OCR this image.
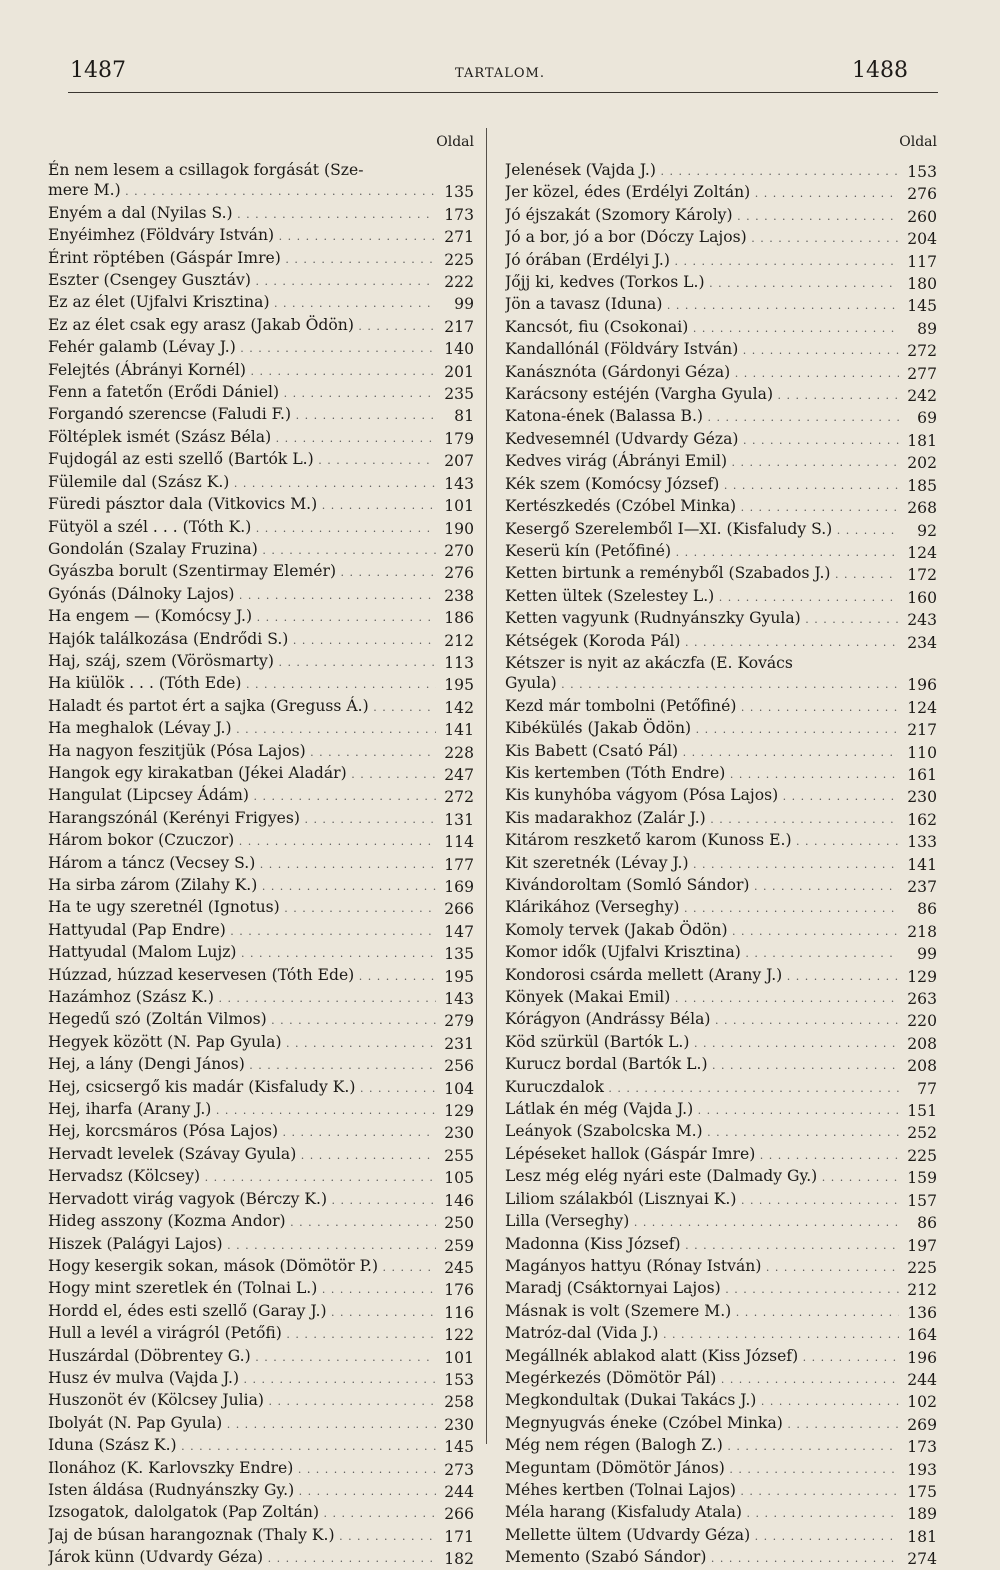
1487	TARTALOM.	1488
Oldal
Én nem lesem a csillagok forgását (Sze-
mere M.) . . .	135
Enyém a dal (Nyilas S.) . . .	173
Enyéimhez (Földváry István) . . .	271
Érint röptében (Gáspár Imre) . . .	225
Eszter (Csengey Gusztáv) . . .	222
Ez az élet (Ujfalvi Krisztina) . . .	99
Ez az élet csak egy arasz (Jakab Ödön) . . .	217
Fehér galamb (Lévay J.) . . .	140
Felejtés (Ábrányi Kornél) . . .	201
Fenn a fatetőn (Erődi Dániel) . . .	235
Forgandó szerencse (Faludi F.) . . .	81
Föltéplek ismét (Szász Béla) . . .	179
Fujdogál az esti szellő (Bartók L.) . . .	207
Fülemile dal (Szász K.) . . .	143
Füredi pásztor dala (Vitkovics M.) . . .	101
Fütyöl a szél . . . (Tóth K.) . . .	190
Gondolán (Szalay Fruzina) . . .	270
Gyászba borult (Szentirmay Elemér) . . .	276
Gyónás (Dálnoky Lajos) . . .	238
Ha engem — (Komócsy J.) . . .	186
Hajók találkozása (Endrődi S.) . . .	212
Haj, száj, szem (Vörösmarty) . . .	113
Ha kiülök . . . (Tóth Ede) . . .	195
Haladt és partot ért a sajka (Greguss Á.) . . .	142
Ha meghalok (Lévay J.) . . .	141
Ha nagyon feszitjük (Pósa Lajos) . . .	228
Hangok egy kirakatban (Jékei Aladár) . . .	247
Hangulat (Lipcsey Ádám) . . .	272
Harangszónál (Kerényi Frigyes) . . .	131
Három bokor (Czuczor) . . .	114
Három a táncz (Vecsey S.) . . .	177
Ha sirba zárom (Zilahy K.) . . .	169
Ha te ugy szeretnél (Ignotus) . . .	266
Hattyudal (Pap Endre) . . .	147
Hattyudal (Malom Lujz) . . .	135
Húzzad, húzzad keservesen (Tóth Ede) . . .	195
Hazámhoz (Szász K.) . . .	143
Hegedű szó (Zoltán Vilmos) . . .	279
Hegyek között (N. Pap Gyula) . . .	231
Hej, a lány (Dengi János) . . .	256
Hej, csicsergő kis madár (Kisfaludy K.) . . .	104
Hej, iharfa (Arany J.) . . .	129
Hej, korcsmáros (Pósa Lajos) . . .	230
Hervadt levelek (Szávay Gyula) . . .	255
Hervadsz (Kölcsey) . . .	105
Hervadott virág vagyok (Bérczy K.) . . .	146
Hideg asszony (Kozma Andor) . . .	250
Hiszek (Palágyi Lajos) . . .	259
Hogy kesergik sokan, mások (Dömötör P.) . . .	245
Hogy mint szeretlek én (Tolnai L.) . . .	176
Hordd el, édes esti szellő (Garay J.) . . .	116
Hull a levél a virágról (Petőfi) . . .	122
Huszárdal (Döbrentey G.) . . .	101
Husz év mulva (Vajda J.) . . .	153
Huszonöt év (Kölcsey Julia) . . .	258
Ibolyát (N. Pap Gyula) . . .	230
Iduna (Szász K.) . . .	145
Ilonához (K. Karlovszky Endre) . . .	273
Isten áldása (Rudnyánszky Gy.) . . .	244
Izsogatok, dalolgatok (Pap Zoltán) . . .	266
Jaj de búsan harangoznak (Thaly K.) . . .	171
Járok künn (Udvardy Géza) . . .	182
Oldal
Jelenések (Vajda J.) . . .	153
Jer közel, édes (Erdélyi Zoltán) . . .	276
Jó éjszakát (Szomory Károly) . . .	260
Jó a bor, jó a bor (Dóczy Lajos) . . .	204
Jó órában (Erdélyi J.) . . .	117
Jőjj ki, kedves (Torkos L.) . . .	180
Jön a tavasz (Iduna) . . .	145
Kancsót, fiu (Csokonai) . . .	89
Kandallónál (Földváry István) . . .	272
Kanásznóta (Gárdonyi Géza) . . .	277
Karácsony estéjén (Vargha Gyula) . . .	242
Katona-ének (Balassa B.) . . .	69
Kedvesemnél (Udvardy Géza) . . .	181
Kedves virág (Ábrányi Emil) . . .	202
Kék szem (Komócsy József) . . .	185
Kertészkedés (Czóbel Minka) . . .	268
Kesergő Szerelemből I—XI. (Kisfaludy S.) . . .	92
Keserü kín (Petőfiné) . . .	124
Ketten birtunk a reményből (Szabados J.) . . .	172
Ketten ültek (Szelestey L.) . . .	160
Ketten vagyunk (Rudnyánszky Gyula) . . .	243
Kétségek (Koroda Pál) . . .	234
Kétszer is nyit az akáczfa (E. Kovács
Gyula) . . .	196
Kezd már tombolni (Petőfiné) . . .	124
Kibékülés (Jakab Ödön) . . .	217
Kis Babett (Csató Pál) . . .	110
Kis kertemben (Tóth Endre) . . .	161
Kis kunyhóba vágyom (Pósa Lajos) . . .	230
Kis madarakhoz (Zalár J.) . . .	162
Kitárom reszkető karom (Kunoss E.) . . .	133
Kit szeretnék (Lévay J.) . . .	141
Kivándoroltam (Somló Sándor) . . .	237
Klárikához (Verseghy) . . .	86
Komoly tervek (Jakab Ödön) . . .	218
Komor idők (Ujfalvi Krisztina) . . .	99
Kondorosi csárda mellett (Arany J.) . . .	129
Könyek (Makai Emil) . . .	263
Kórágyon (Andrássy Béla) . . .	220
Köd szürkül (Bartók L.) . . .	208
Kurucz bordal (Bartók L.) . . .	208
Kuruczdalok . . .	77
Látlak én még (Vajda J.) . . .	151
Leányok (Szabolcska M.) . . .	252
Lépéseket hallok (Gáspár Imre) . . .	225
Lesz még elég nyári este (Dalmady Gy.) . . .	159
Liliom szálakból (Lisznyai K.) . . .	157
Lilla (Verseghy) . . .	86
Madonna (Kiss József) . . .	197
Magányos hattyu (Rónay István) . . .	225
Maradj (Csáktornyai Lajos) . . .	212
Másnak is volt (Szemere M.) . . .	136
Matróz-dal (Vida J.) . . .	164
Megállnék ablakod alatt (Kiss József) . . .	196
Megérkezés (Dömötör Pál) . . .	244
Megkondultak (Dukai Takács J.) . . .	102
Megnyugvás éneke (Czóbel Minka) . . .	269
Még nem régen (Balogh Z.) . . .	173
Meguntam (Dömötör János) . . .	193
Méhes kertben (Tolnai Lajos) . . .	175
Méla harang (Kisfaludy Atala) . . .	189
Mellette ültem (Udvardy Géza) . . .	181
Memento (Szabó Sándor) . . .	274
